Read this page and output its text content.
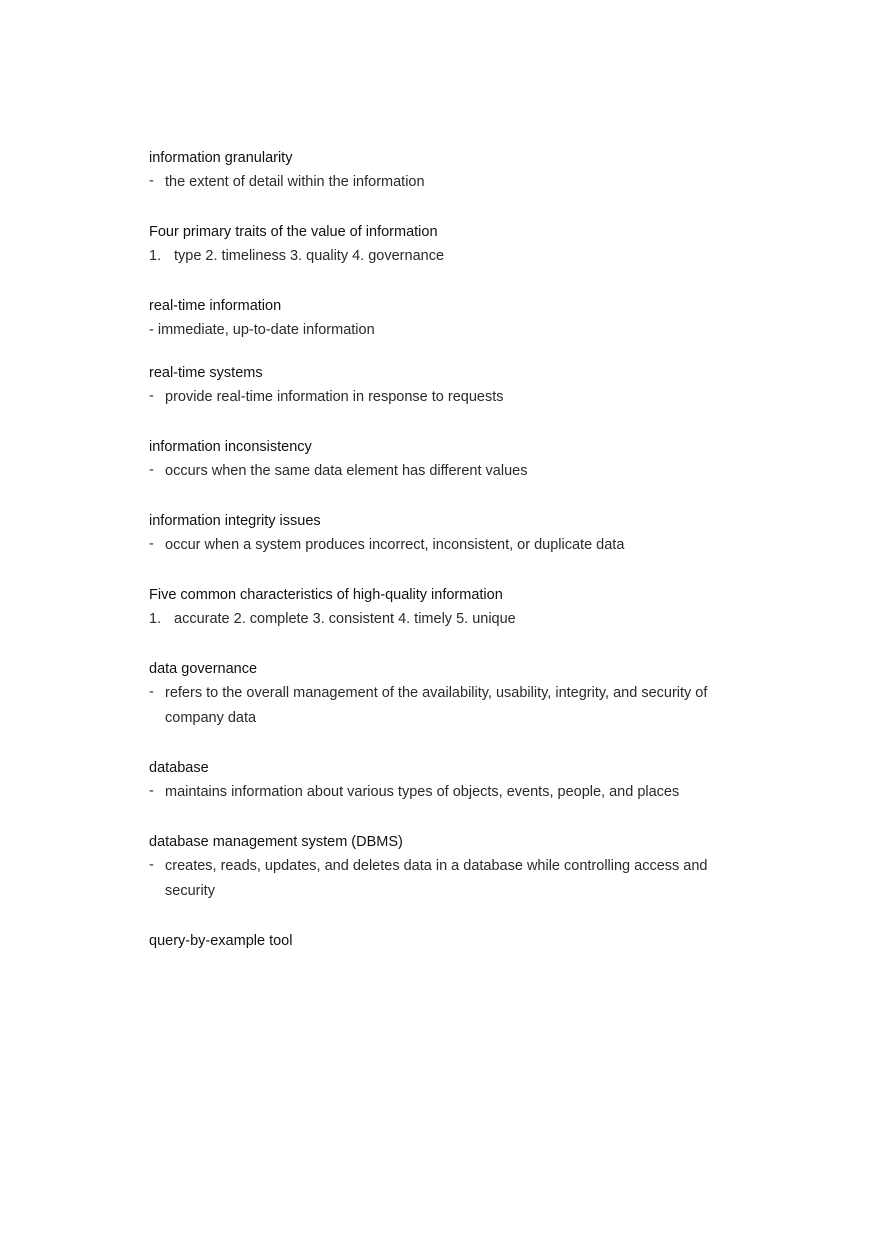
information granularity

- the extent of detail within the information

Four primary traits of the value of information

1. type 2. timeliness 3. quality 4. governance

real-time information

- immediate, up-to-date information

real-time systems

- provide real-time information in response to requests

information inconsistency

- occurs when the same data element has different values

information integrity issues

- occur when a system produces incorrect, inconsistent, or duplicate data

Five common characteristics of high-quality information

1. accurate 2. complete 3. consistent 4. timely 5. unique

data governance

- refers to the overall management of the availability, usability, integrity, and security of company data

database

- maintains information about various types of objects, events, people, and places

database management system (DBMS)

- creates, reads, updates, and deletes data in a database while controlling access and security

query-by-example tool
